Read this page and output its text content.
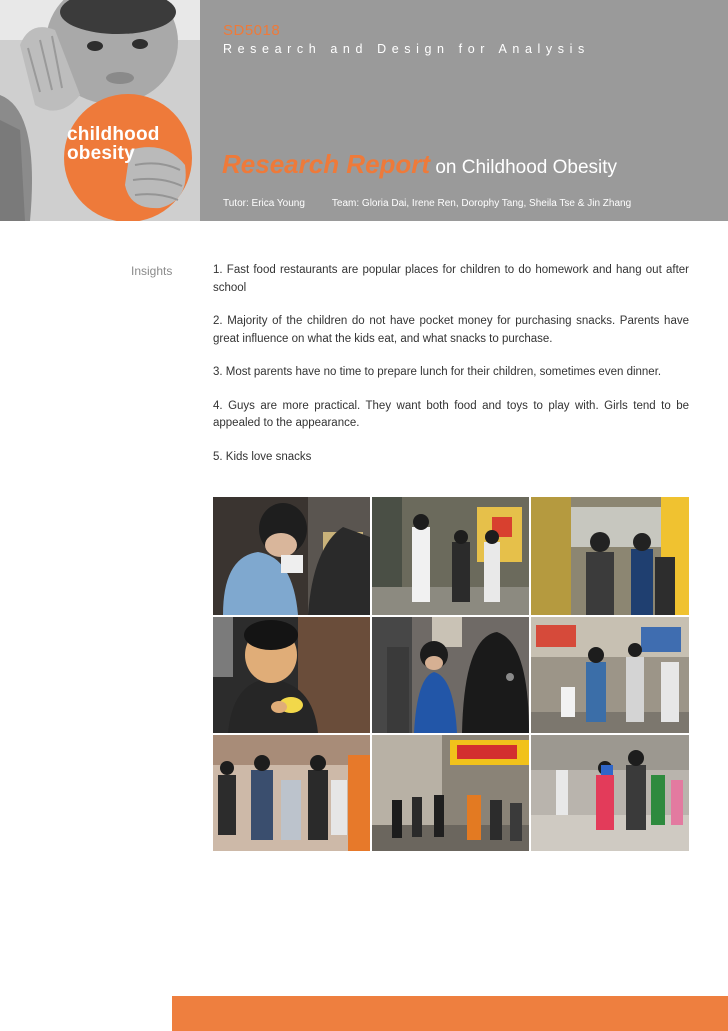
childhood
obesity
SD5018
Research and Design for Analysis
Research Report on Childhood Obesity
Tutor: Erica Young	Team: Gloria Dai, Irene Ren, Dorophy Tang, Sheila Tse & Jin Zhang
Insights	1. Fast food restaurants are popular places for children to do homework and hang out after school

2. Majority of the children do not have pocket money for purchasing snacks. Parents have great influence on what the kids eat, and what snacks to purchase.

3. Most parents have no time to prepare lunch for their children, sometimes even dinner.

4. Guys are more practical. They want both food and toys to play with. Girls tend to be appealed to the appearance.

5. Kids love snacks
